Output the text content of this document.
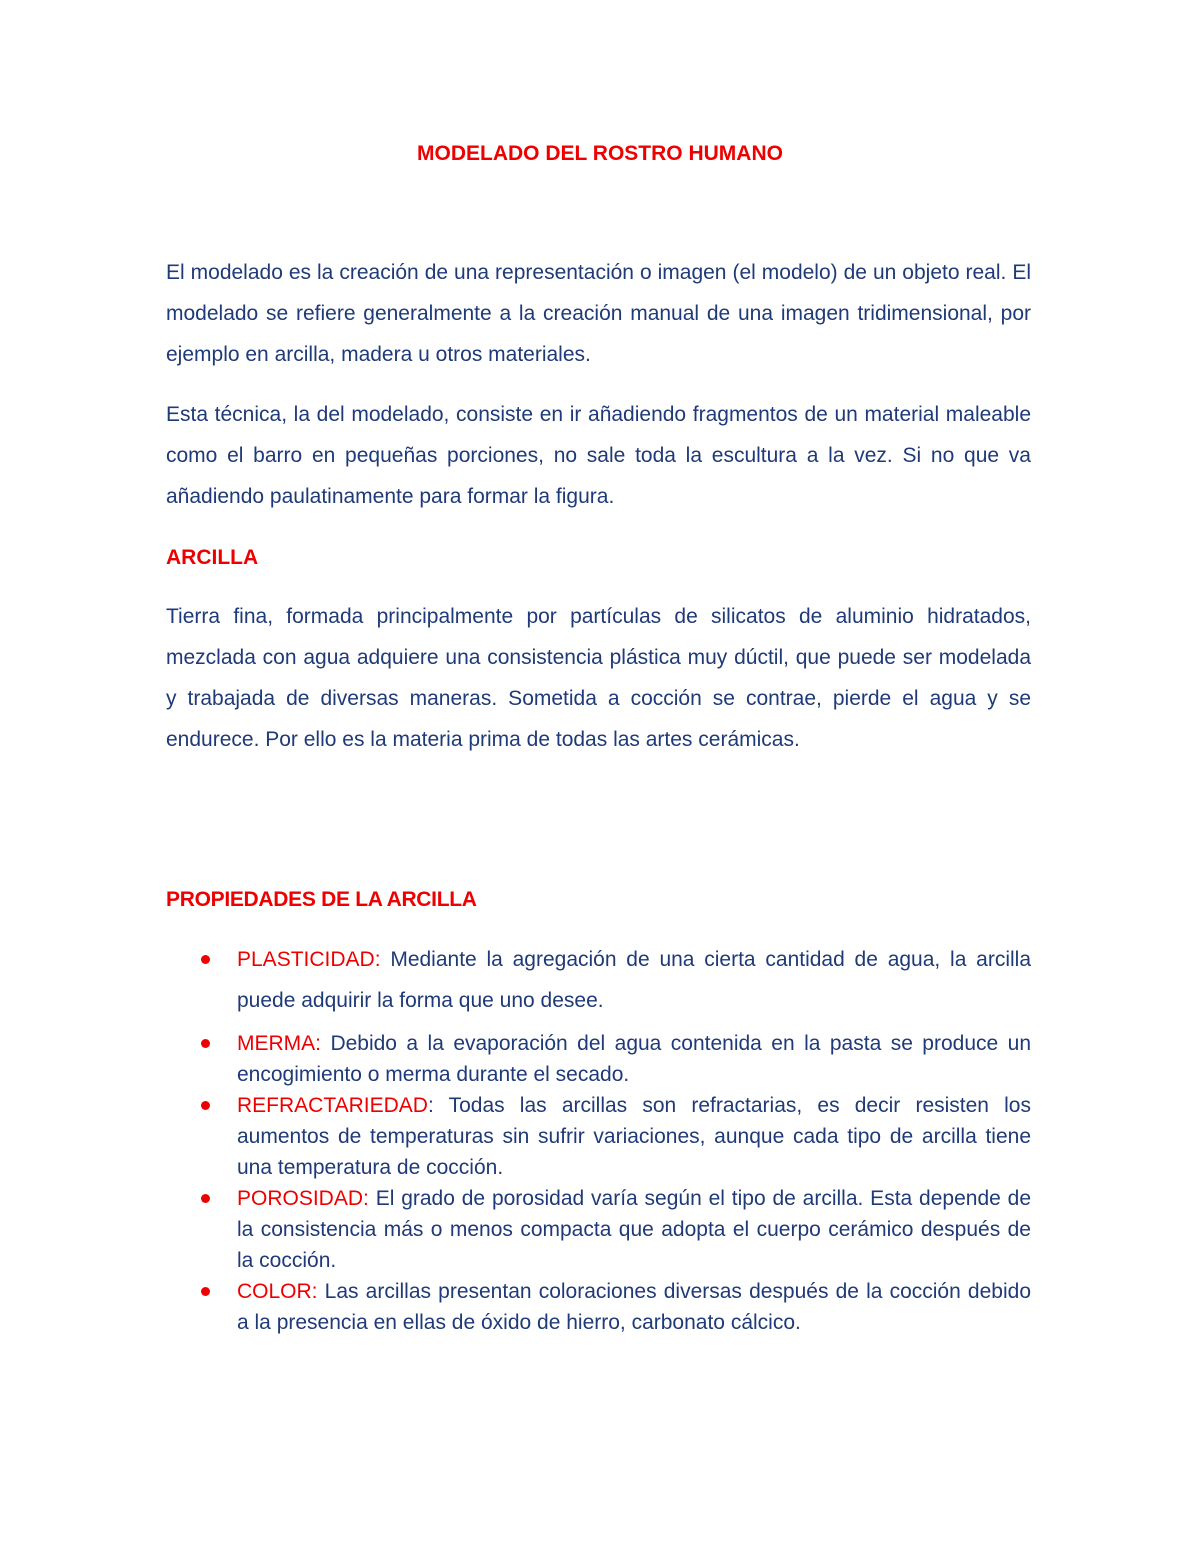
MODELADO DEL ROSTRO HUMANO

El modelado es la creación de una representación o imagen (el modelo) de un objeto real. El modelado se refiere generalmente a la creación manual de una imagen tridimensional, por ejemplo en arcilla, madera u otros materiales.

Esta técnica, la del modelado, consiste en ir añadiendo fragmentos de un material maleable como el barro en pequeñas porciones, no sale toda la escultura a la vez. Si no que va añadiendo paulatinamente para formar la figura.

ARCILLA

Tierra fina, formada principalmente por partículas de silicatos de aluminio hidratados, mezclada con agua adquiere una consistencia plástica muy dúctil, que puede ser modelada y trabajada de diversas maneras. Sometida a cocción se contrae, pierde el agua y se endurece. Por ello es la materia prima de todas las artes cerámicas.

PROPIEDADES DE LA ARCILLA
PLASTICIDAD: Mediante la agregación de una cierta cantidad de agua, la arcilla puede adquirir la forma que uno desee.
MERMA: Debido a la evaporación del agua contenida en la pasta se produce un encogimiento o merma durante el secado.
REFRACTARIEDAD: Todas las arcillas son refractarias, es decir resisten los aumentos de temperaturas sin sufrir variaciones, aunque cada tipo de arcilla tiene una temperatura de cocción.
POROSIDAD: El grado de porosidad varía según el tipo de arcilla. Esta depende de la consistencia más o menos compacta que adopta el cuerpo cerámico después de la cocción.
COLOR: Las arcillas presentan coloraciones diversas después de la cocción debido a la presencia en ellas de óxido de hierro, carbonato cálcico.
